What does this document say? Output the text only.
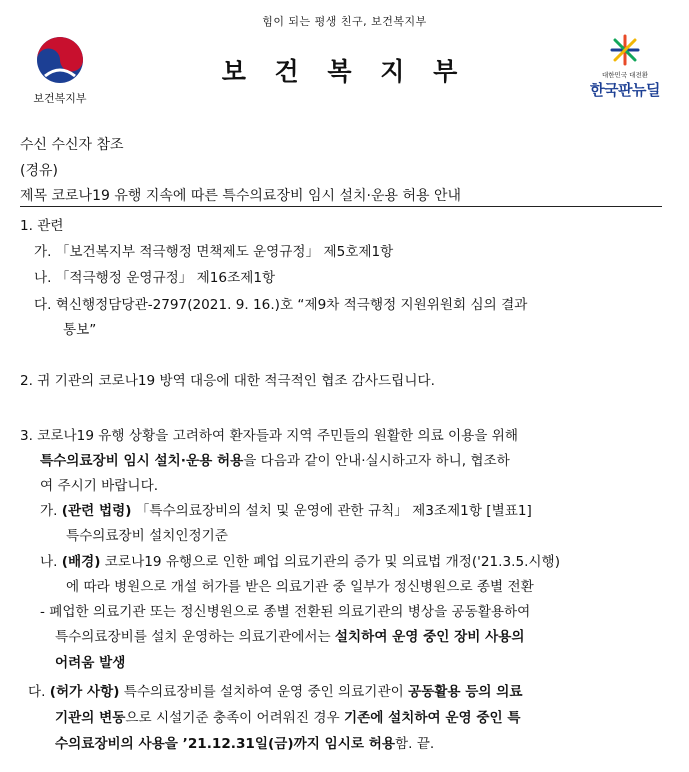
힘이 되는 평생 친구, 보건복지부
보건복지부
보 건 복 지 부	대한민국 대전환
한국판뉴딜
수신 수신자 참조
(경유)
제목 코로나19 유행 지속에 따른 특수의료장비 임시 설치·운용 허용 안내
1. 관련
가. 「보건복지부 적극행정 면책제도 운영규정」 제5호제1항
나. 「적극행정 운영규정」 제16조제1항
다. 혁신행정담당관-2797(2021. 9. 16.)호 “제9차 적극행정 지원위원회 심의 결과
통보”
2. 귀 기관의 코로나19 방역 대응에 대한 적극적인 협조 감사드립니다.
3. 코로나19 유행 상황을 고려하여 환자들과 지역 주민들의 원활한 의료 이용을 위해
특수의료장비 임시 설치·운용 허용을 다음과 같이 안내·실시하고자 하니, 협조하
여 주시기 바랍니다.
가. (관련 법령) 「특수의료장비의 설치 및 운영에 관한 규칙」 제3조제1항 [별표1]
특수의료장비 설치인정기준
나. (배경) 코로나19 유행으로 인한 폐업 의료기관의 증가 및 의료법 개정('21.3.5.시행)
에 따라 병원으로 개설 허가를 받은 의료기관 중 일부가 정신병원으로 종별 전환
- 폐업한 의료기관 또는 정신병원으로 종별 전환된 의료기관의 병상을 공동활용하여
특수의료장비를 설치 운영하는 의료기관에서는 설치하여 운영 중인 장비 사용의
어려움 발생
다. (허가 사항) 특수의료장비를 설치하여 운영 중인 의료기관이 공동활용 등의 의료
기관의 변동으로 시설기준 충족이 어려워진 경우 기존에 설치하여 운영 중인 특
수의료장비의 사용을 ’21.12.31일(금)까지 임시로 허용함. 끝.
